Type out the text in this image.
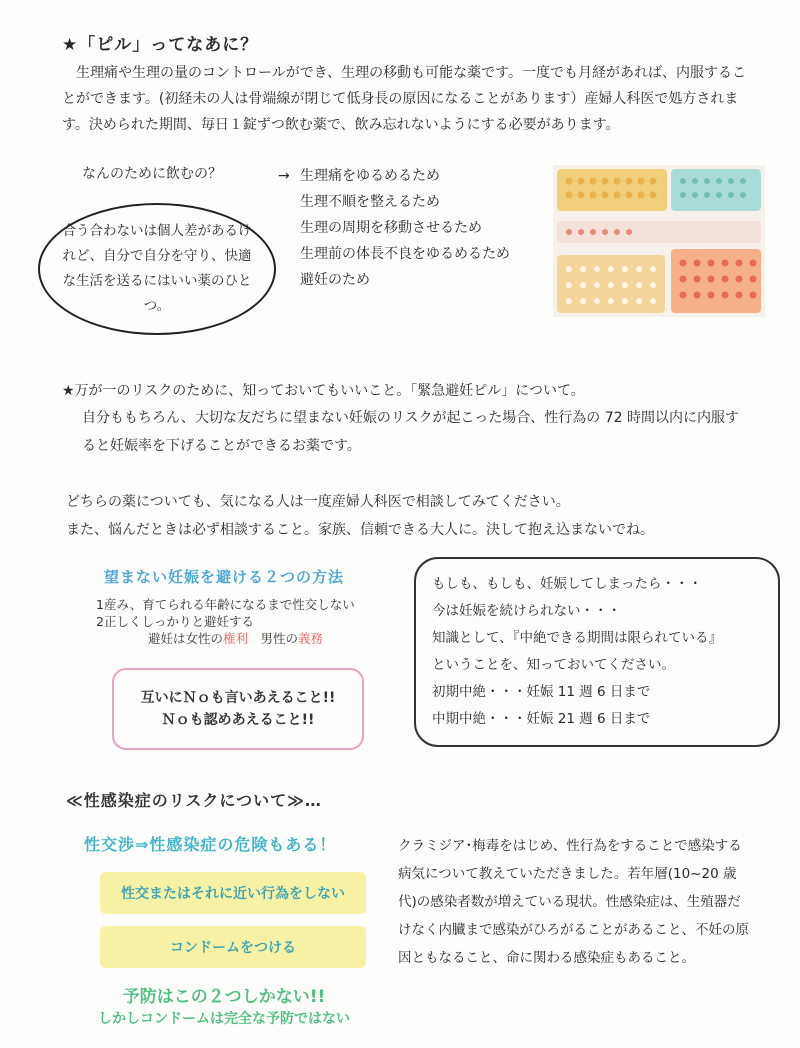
★「ピル」ってなあに？
生理痛や生理の量のコントロールができ、生理の移動も可能な薬です。一度でも月経があれば、内服することができます。(初経未の人は骨端線が閉じて低身長の原因になることがあります）産婦人科医で処方されます。決められた期間、毎日１錠ずつ飲む薬で、飲み忘れないようにする必要があります。
なんのために飲むの？	→ 生理痛をゆるめるため
生理不順を整えるため
生理の周期を移動させるため
生理前の体長不良をゆるめるため
避妊のため
合う合わないは個人差があるけれど、自分で自分を守り、快適な生活を送るにはいい薬のひとつ。
★万が一のリスクのために、知っておいてもいいこと。「緊急避妊ピル」について。
自分ももちろん、大切な友だちに望まない妊娠のリスクが起こった場合、性行為の 72 時間以内に内服すると妊娠率を下げることができるお薬です。
どちらの薬についても、気になる人は一度産婦人科医で相談してみてください。
また、悩んだときは必ず相談すること。家族、信頼できる大人に。決して抱え込まないでね。
望まない妊娠を避ける２つの方法
1産み、育てられる年齢になるまで性交しない
2正しくしっかりと避妊する
避妊は女性の権利　男性の義務
互いにＮｏも言いあえること!!
Ｎｏも認めあえること!!
もしも、もしも、妊娠してしまったら・・・
今は妊娠を続けられない・・・
知識として、『中絶できる期間は限られている』
ということを、知っておいてください。
初期中絶・・・妊娠 11 週 6 日まで
中期中絶・・・妊娠 21 週 6 日まで
≪性感染症のリスクについて≫…
性交渉⇒性感染症の危険もある！
性交またはそれに近い行為をしない
コンドームをつける
予防はこの２つしかない!!
しかしコンドームは完全な予防ではない
クラミジア･梅毒をはじめ、性行為をすることで感染する病気について教えていただきました。若年層(10~20 歳代)の感染者数が増えている現状。性感染症は、生殖器だけなく内臓まで感染がひろがることがあること、不妊の原因ともなること、命に関わる感染症もあること。
